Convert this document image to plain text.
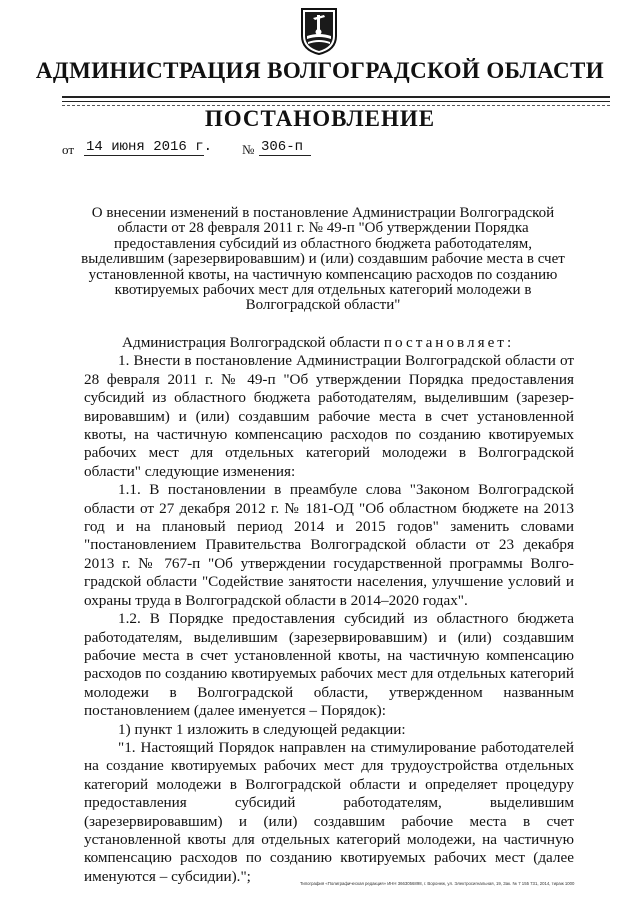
АДМИНИСТРАЦИЯ ВОЛГОГРАДСКОЙ ОБЛАСТИ
ПОСТАНОВЛЕНИЕ
от 14 июня 2016 г. № 306-п
О внесении изменений в постановление Администрации Волгоградской области от 28 февраля 2011 г. № 49-п "Об утверждении Порядка предоставления субсидий из областного бюджета работодателям, выделившим (зарезервировавшим) и (или) создавшим рабочие места в счет установленной квоты, на частичную компенсацию расходов по созданию квотируемых рабочих мест для отдельных категорий молодежи в Волгоградской области"

Администрация Волгоградской области постановляет:

1. Внести в постановление Администрации Волгоградской области от 28 февраля 2011 г. № 49-п "Об утверждении Порядка предоставления субсидий из областного бюджета работодателям, выделившим (зарезер-вировавшим) и (или) создавшим рабочие места в счет установленной квоты, на частичную компенсацию расходов по созданию квотируемых рабочих мест для отдельных категорий молодежи в Волгоградской области" следующие изменения:

1.1. В постановлении в преамбуле слова "Законом Волгоградской области от 27 декабря 2012 г. № 181-ОД "Об областном бюджете на 2013 год и на плановый период 2014 и 2015 годов" заменить словами "постановлением Правительства Волгоградской области от 23 декабря 2013 г. № 767-п "Об утверждении государственной программы Волго-градской области "Содействие занятости населения, улучшение условий и охраны труда в Волгоградской области в 2014–2020 годах".

1.2. В Порядке предоставления субсидий из областного бюджета работодателям, выделившим (зарезервировавшим) и (или) создавшим рабочие места в счет установленной квоты, на частичную компенсацию расходов по созданию квотируемых рабочих мест для отдельных категорий молодежи в Волгоградской области, утвержденном названным постановлением (далее именуется – Порядок):

1) пункт 1 изложить в следующей редакции:

"1. Настоящий Порядок направлен на стимулирование работодателей на создание квотируемых рабочих мест для трудоустройства отдельных категорий молодежи в Волгоградской области и определяет процедуру предоставления субсидий работодателям, выделившим (зарезервировавшим) и (или) создавшим рабочие места в счет установленной квоты для отдельных категорий молодежи, на частичную компенсацию расходов по созданию квотируемых рабочих мест (далее именуются – субсидии).";	Типография «Полиграфическая редакция» ИНН 3663056898, г. Воронеж, ул. Электросигнальная, 19, Зак. № 7 155 731, 2014, тираж 1000
